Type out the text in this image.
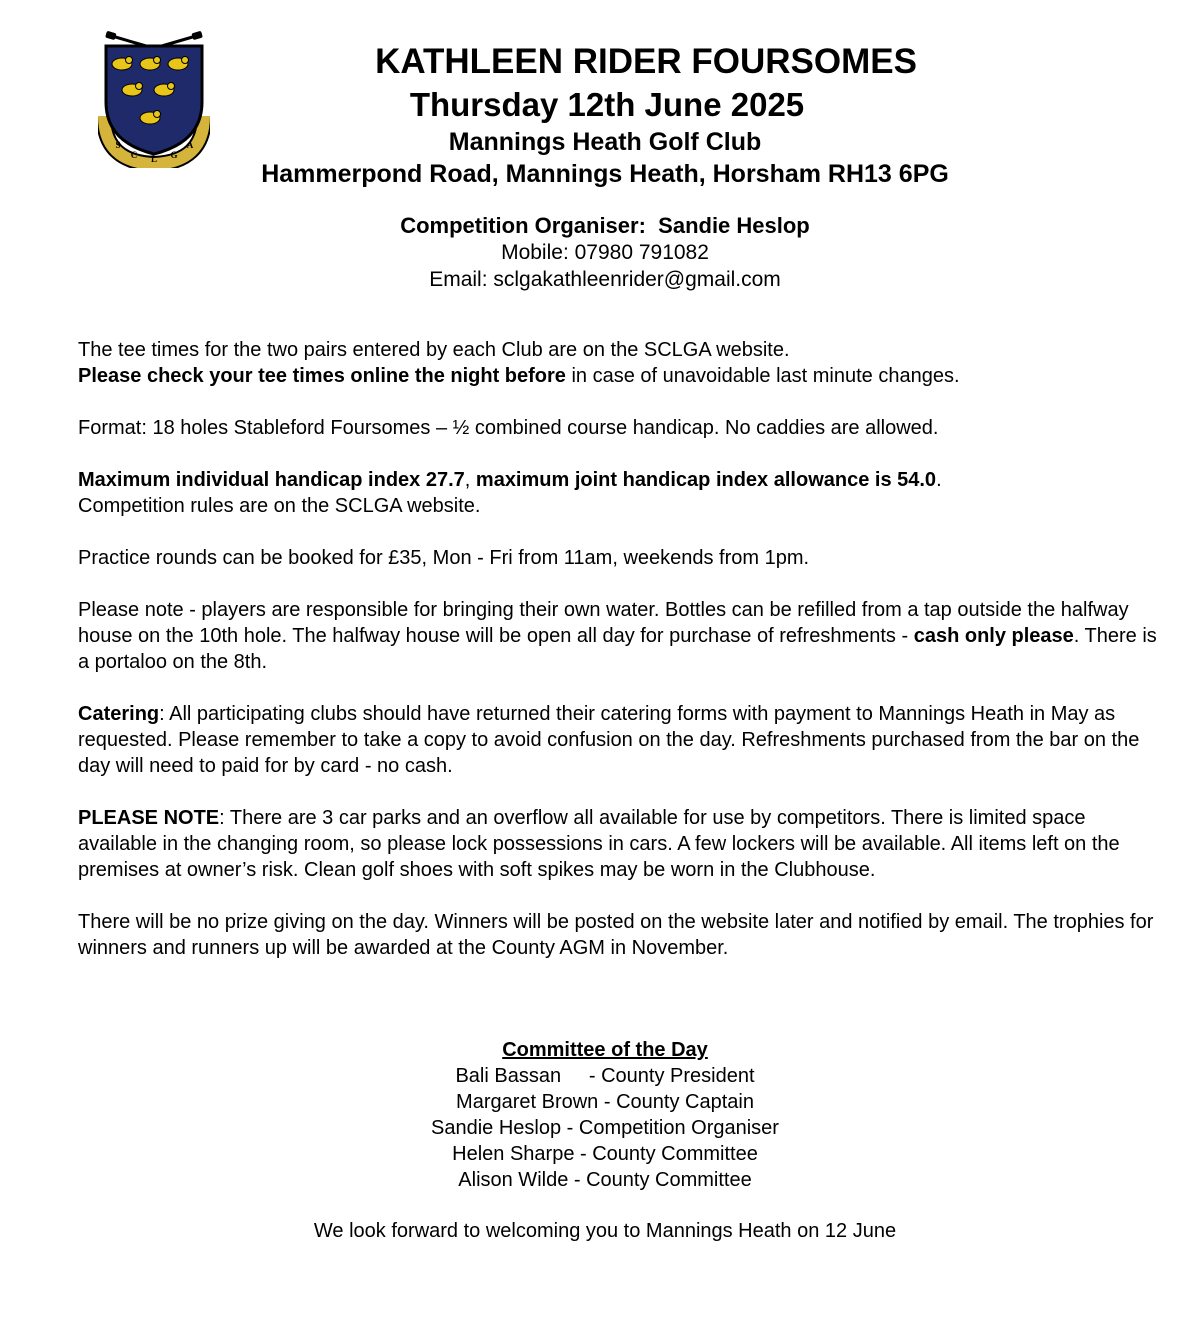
S
C L G
A
KATHLEEN RIDER FOURSOMES
Thursday 12th June 2025
Mannings Heath Golf Club
Hammerpond Road, Mannings Heath, Horsham RH13 6PG
Competition Organiser: Sandie Heslop
Mobile: 07980 791082
Email: sclgakathleenrider@gmail.com

The tee times for the two pairs entered by each Club are on the SCLGA website.
Please check your tee times online the night before in case of unavoidable last minute changes.

Format: 18 holes Stableford Foursomes – ½ combined course handicap. No caddies are allowed.

Maximum individual handicap index 27.7, maximum joint handicap index allowance is 54.0.
Competition rules are on the SCLGA website.

Practice rounds can be booked for £35, Mon - Fri from 11am, weekends from 1pm.

Please note - players are responsible for bringing their own water. Bottles can be refilled from a tap outside the halfway house on the 10th hole. The halfway house will be open all day for purchase of refreshments - cash only please. There is a portaloo on the 8th.

Catering: All participating clubs should have returned their catering forms with payment to Mannings Heath in May as requested. Please remember to take a copy to avoid confusion on the day. Refreshments purchased from the bar on the day will need to paid for by card - no cash.

PLEASE NOTE: There are 3 car parks and an overflow all available for use by competitors. There is limited space available in the changing room, so please lock possessions in cars. A few lockers will be available. All items left on the premises at owner’s risk. Clean golf shoes with soft spikes may be worn in the Clubhouse.

There will be no prize giving on the day. Winners will be posted on the website later and notified by email. The trophies for winners and runners up will be awarded at the County AGM in November.

Committee of the Day
Bali Bassan     - County President
Margaret Brown - County Captain
Sandie Heslop - Competition Organiser
Helen Sharpe - County Committee
Alison Wilde - County Committee
We look forward to welcoming you to Mannings Heath on 12 June
